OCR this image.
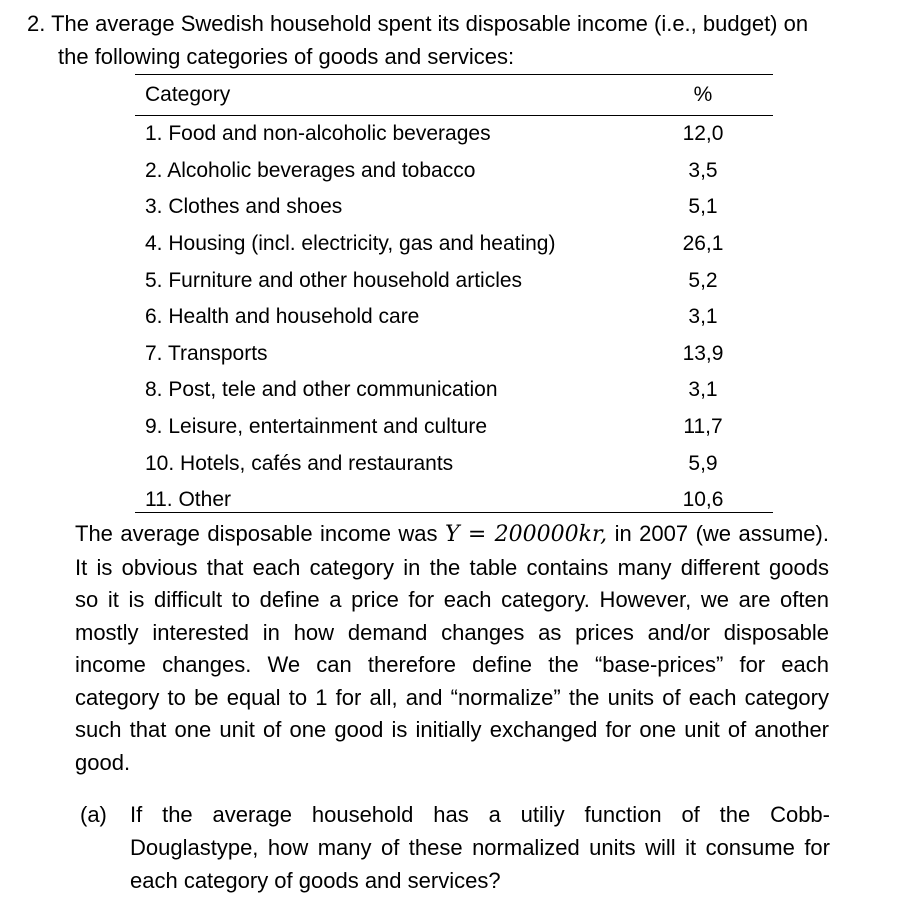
2. The average Swedish household spent its disposable income (i.e., budget) on
the following categories of goods and services:
Category	%
1. Food and non-alcoholic beverages	12,0
2. Alcoholic beverages and tobacco	3,5
3. Clothes and shoes	5,1
4. Housing (incl. electricity, gas and heating)	26,1
5. Furniture and other household articles	5,2
6. Health and household care	3,1
7. Transports	13,9
8. Post, tele and other communication	3,1
9. Leisure, entertainment and culture	11,7
10. Hotels, cafés and restaurants	5,9
11. Other	10,6
The average disposable income was Y = 200000kr, in 2007 (we assume).
It is obvious that each category in the table contains many different goods
so it is difficult to define a price for each category. However, we are often
mostly interested in how demand changes as prices and/or disposable
income changes. We can therefore define the “base-prices” for each
category to be equal to 1 for all, and “normalize” the units of each category
such that one unit of one good is initially exchanged for one unit of another
good.
(a) If the average household has a utiliy function of the Cobb-
Douglastype, how many of these normalized units will it consume for
each category of goods and services?
